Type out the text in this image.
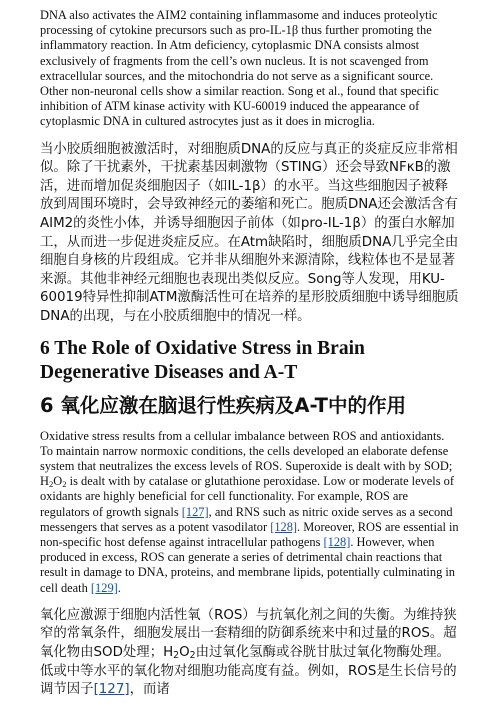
DNA also activates the AIM2 containing inflammasome and induces proteolytic processing of cytokine precursors such as pro-IL-1β thus further promoting the inflammatory reaction. In Atm deficiency, cytoplasmic DNA consists almost exclusively of fragments from the cell’s own nucleus. It is not scavenged from extracellular sources, and the mitochondria do not serve as a significant source. Other non-neuronal cells show a similar reaction. Song et al., found that specific inhibition of ATM kinase activity with KU-60019 induced the appearance of cytoplasmic DNA in cultured astrocytes just as it does in microglia.

当小胶质细胞被激活时，对细胞质DNA的反应与真正的炎症反应非常相似。除了干扰素外，干扰素基因刺激物（STING）还会导致NFκB的激活，进而增加促炎细胞因子（如IL-1β）的水平。当这些细胞因子被释放到周围环境时，会导致神经元的萎缩和死亡。胞质DNA还会激活含有AIM2的炎性小体，并诱导细胞因子前体（如pro-IL-1β）的蛋白水解加工，从而进一步促进炎症反应。在Atm缺陷时，细胞质DNA几乎完全由细胞自身核的片段组成。它并非从细胞外来源清除，线粒体也不是显著来源。其他非神经元细胞也表现出类似反应。Song等人发现，用KU-60019特异性抑制ATM激酶活性可在培养的星形胶质细胞中诱导细胞质DNA的出现，与在小胶质细胞中的情况一样。

6 The Role of Oxidative Stress in Brain Degenerative Diseases and A-T
6 氧化应激在脑退行性疾病及A-T中的作用

Oxidative stress results from a cellular imbalance between ROS and antioxidants. To maintain narrow normoxic conditions, the cells developed an elaborate defense system that neutralizes the excess levels of ROS. Superoxide is dealt with by SOD; $H_2O_2$ is dealt with by catalase or glutathione peroxidase. Low or moderate levels of oxidants are highly beneficial for cell functionality. For example, ROS are regulators of growth signals [127], and RNS such as nitric oxide serves as a second messengers that serves as a potent vasodilator [128]. Moreover, ROS are essential in non-specific host defense against intracellular pathogens [128]. However, when produced in excess, ROS can generate a series of detrimental chain reactions that result in damage to DNA, proteins, and membrane lipids, potentially culminating in cell death [129].

氧化应激源于细胞内活性氧（ROS）与抗氧化剂之间的失衡。为维持狭窄的常氧条件，细胞发展出一套精细的防御系统来中和过量的ROS。超氧化物由SOD处理；$H_2O_2$由过氧化氢酶或谷胱甘肽过氧化物酶处理。低或中等水平的氧化物对细胞功能高度有益。例如，ROS是生长信号的调节因子[127]，而诸
